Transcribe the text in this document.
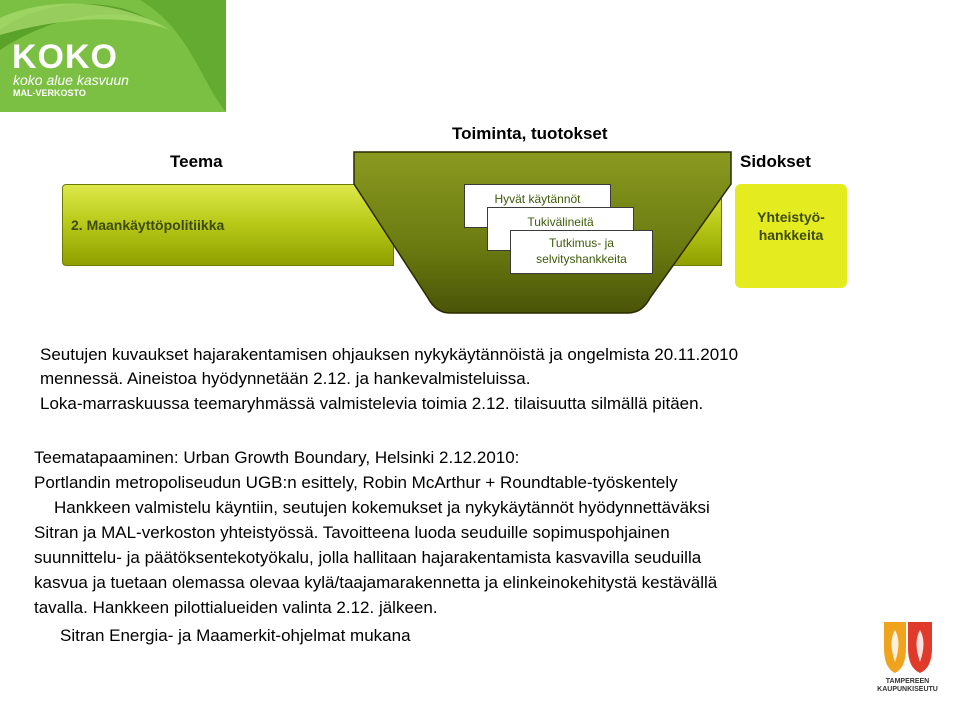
KOKO
koko alue kasvuun
MAL-VERKOSTO
Toiminta, tuotokset
Teema	Sidokset
2. Maankäyttöpolitiikka
Hyvät käytännöt
Tukivälineitä
Tutkimus- ja selvityshankkeita
Yhteistyö-hankkeita
Seutujen kuvaukset hajarakentamisen ohjauksen nykykäytännöistä ja ongelmista 20.11.2010
mennessä. Aineistoa hyödynnetään 2.12. ja hankevalmisteluissa.
Loka-marraskuussa teemaryhmässä valmistelevia toimia 2.12. tilaisuutta silmällä pitäen.
Teematapaaminen: Urban Growth Boundary, Helsinki 2.12.2010:
Portlandin metropoliseudun UGB:n esittely, Robin McArthur + Roundtable-työskentely
Hankkeen valmistelu käyntiin, seutujen kokemukset ja nykykäytännöt hyödynnettäväksi
Sitran ja MAL-verkoston yhteistyössä. Tavoitteena luoda seuduille sopimuspohjainen
suunnittelu- ja päätöksentekotyökalu, jolla hallitaan hajarakentamista kasvavilla seuduilla
kasvua ja tuetaan olemassa olevaa kylä/taajamarakennetta ja elinkeinokehitystä kestävällä
tavalla. Hankkeen pilottialueiden valinta 2.12. jälkeen.
Sitran Energia- ja Maamerkit-ohjelmat mukana
TAMPEREEN KAUPUNKISEUTU
